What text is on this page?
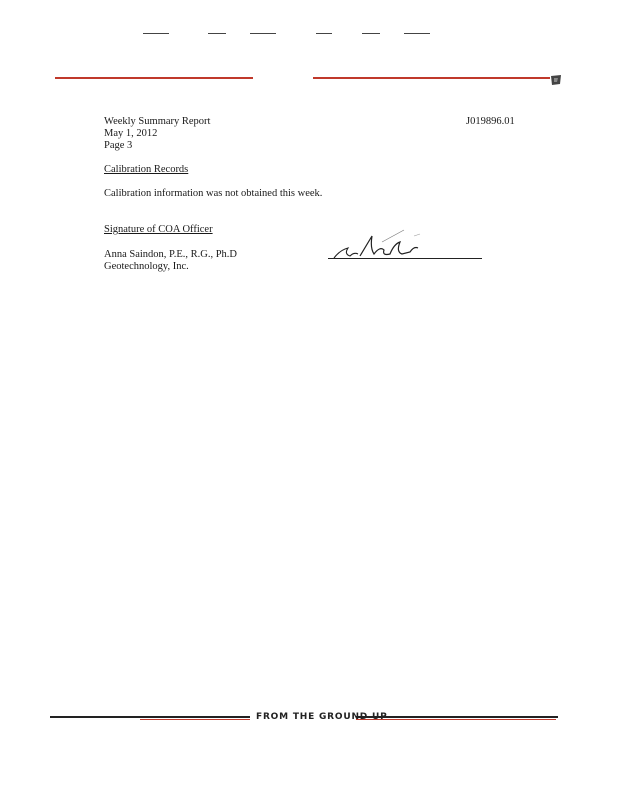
Weekly Summary Report
May 1, 2012
Page 3
J019896.01
Calibration Records
Calibration information was not obtained this week.
Signature of COA Officer
Anna Saindon, P.E., R.G., Ph.D
Geotechnology, Inc.
FROM THE GROUND UP
